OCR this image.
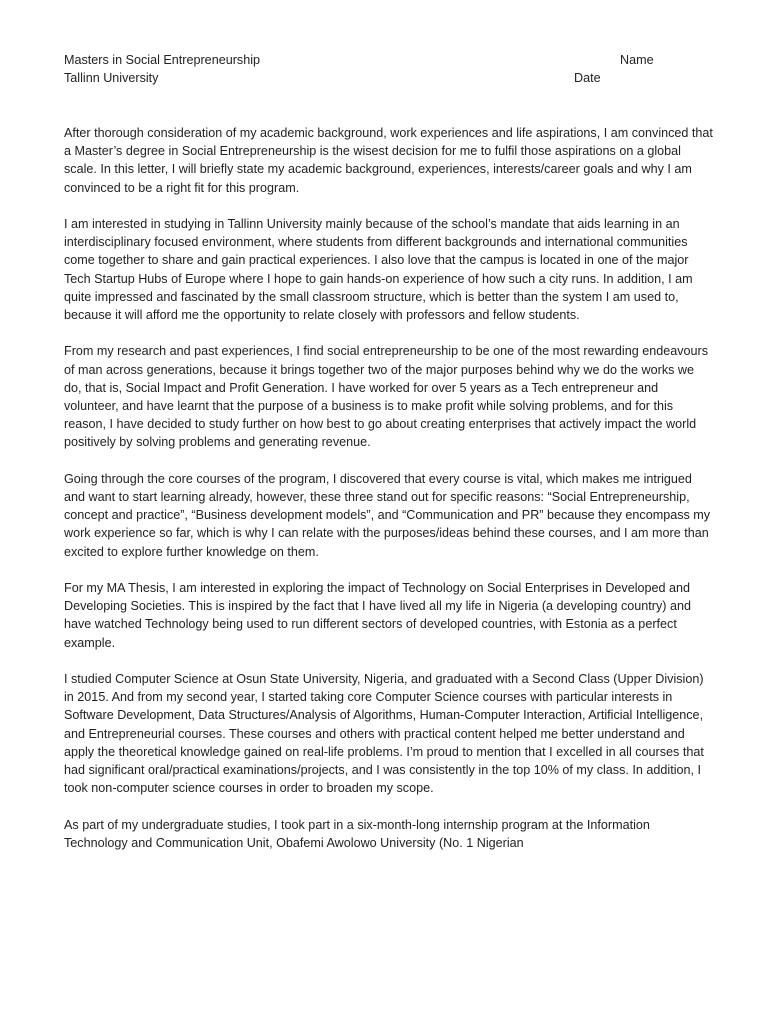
Masters in Social Entrepreneurship	Name
Tallinn University	Date

After thorough consideration of my academic background, work experiences and life aspirations, I am convinced that a Master’s degree in Social Entrepreneurship is the wisest decision for me to fulfil those aspirations on a global scale. In this letter, I will briefly state my academic background, experiences, interests/career goals and why I am convinced to be a right fit for this program.

I am interested in studying in Tallinn University mainly because of the school’s mandate that aids learning in an interdisciplinary focused environment, where students from different backgrounds and international communities come together to share and gain practical experiences. I also love that the campus is located in one of the major Tech Startup Hubs of Europe where I hope to gain hands-on experience of how such a city runs. In addition, I am quite impressed and fascinated by the small classroom structure, which is better than the system I am used to, because it will afford me the opportunity to relate closely with professors and fellow students.

From my research and past experiences, I find social entrepreneurship to be one of the most rewarding endeavours of man across generations, because it brings together two of the major purposes behind why we do the works we do, that is, Social Impact and Profit Generation. I have worked for over 5 years as a Tech entrepreneur and volunteer, and have learnt that the purpose of a business is to make profit while solving problems, and for this reason, I have decided to study further on how best to go about creating enterprises that actively impact the world positively by solving problems and generating revenue.

Going through the core courses of the program, I discovered that every course is vital, which makes me intrigued and want to start learning already, however, these three stand out for specific reasons: “Social Entrepreneurship, concept and practice”, “Business development models”, and “Communication and PR” because they encompass my work experience so far, which is why I can relate with the purposes/ideas behind these courses, and I am more than excited to explore further knowledge on them.

For my MA Thesis, I am interested in exploring the impact of Technology on Social Enterprises in Developed and Developing Societies. This is inspired by the fact that I have lived all my life in Nigeria (a developing country) and have watched Technology being used to run different sectors of developed countries, with Estonia as a perfect example.

I studied Computer Science at Osun State University, Nigeria, and graduated with a Second Class (Upper Division) in 2015. And from my second year, I started taking core Computer Science courses with particular interests in Software Development, Data Structures/Analysis of Algorithms, Human-Computer Interaction, Artificial Intelligence, and Entrepreneurial courses. These courses and others with practical content helped me better understand and apply the theoretical knowledge gained on real-life problems. I’m proud to mention that I excelled in all courses that had significant oral/practical examinations/projects, and I was consistently in the top 10% of my class. In addition, I took non-computer science courses in order to broaden my scope.

As part of my undergraduate studies, I took part in a six-month-long internship program at the Information Technology and Communication Unit, Obafemi Awolowo University (No. 1 Nigerian
